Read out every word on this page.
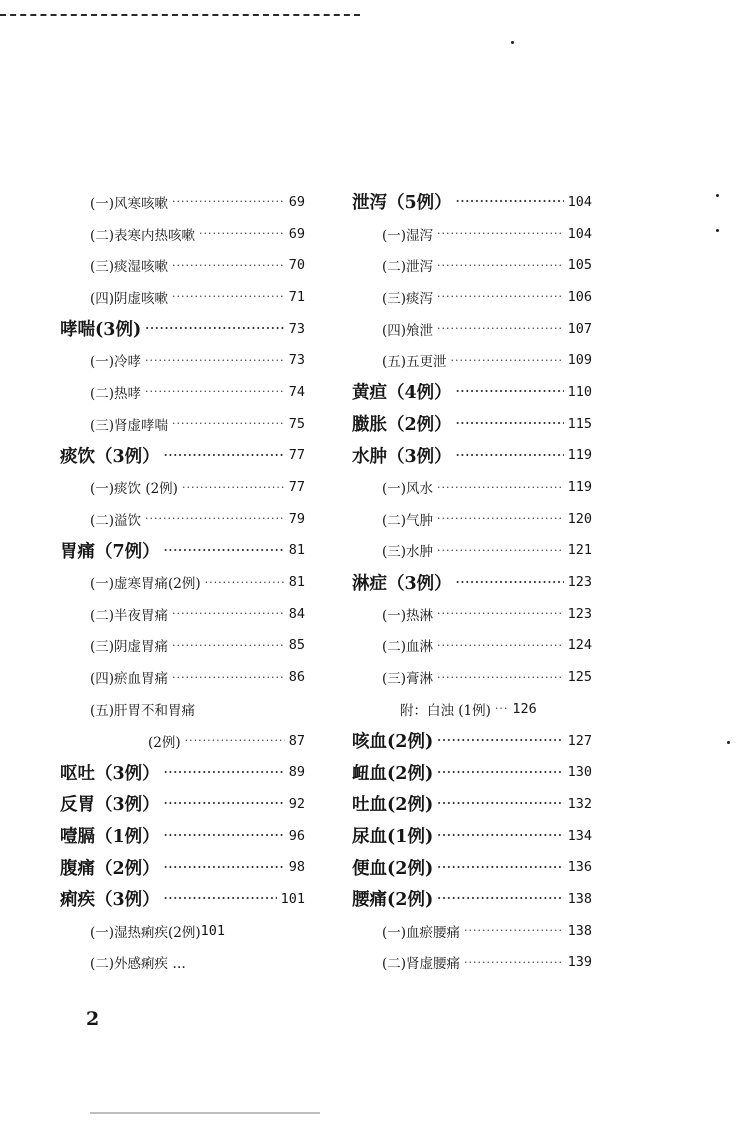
(一)风寒咳嗽 ·····	69
(二)表寒内热咳嗽 ·····	69
(三)痰湿咳嗽 ·····	70
(四)阴虚咳嗽 ·····	71
哮喘(3例) ·····	73
(一)冷哮 ·····	73
(二)热哮 ·····	74
(三)肾虚哮喘 ·····	75
痰饮（3例） ·····	77
(一)痰饮 (2例) ·····	77
(二)溢饮 ·····	79
胃痛（7例） ·····	81
(一)虚寒胃痛(2例) ·····	81
(二)半夜胃痛 ·····	84
(三)阴虚胃痛 ·····	85
(四)瘀血胃痛 ·····	86
(五)肝胃不和胃痛
(2例) ·····	87
呕吐（3例） ·····	89
反胃（3例） ·····	92
噎膈（1例） ·····	96
腹痛（2例） ·····	98
痢疾（3例） ·····	101
(一)湿热痢疾(2例) 101
(二)外感痢疾 …
泄泻（5例） ·····	104
(一)湿泻 ·····	104
(二)泄泻 ·····	105
(三)痰泻 ·····	106
(四)飧泄 ·····	107
(五)五更泄 ·····	109
黄疸（4例） ·····	110
臌胀（2例） ·····	115
水肿（3例） ·····	119
(一)风水 ·····	119
(二)气肿 ·····	120
(三)水肿 ·····	121
淋症（3例） ·····	123
(一)热淋 ·····	123
(二)血淋 ·····	124
(三)膏淋 ·····	125
附：白浊 (1例) ··· 126
咳血(2例) ·····	127
衄血(2例) ·····	130
吐血(2例) ·····	132
尿血(1例) ·····	134
便血(2例) ·····	136
腰痛(2例) ·····	138
(一)血瘀腰痛 ·····	138
(二)肾虚腰痛 ·····	139
2
